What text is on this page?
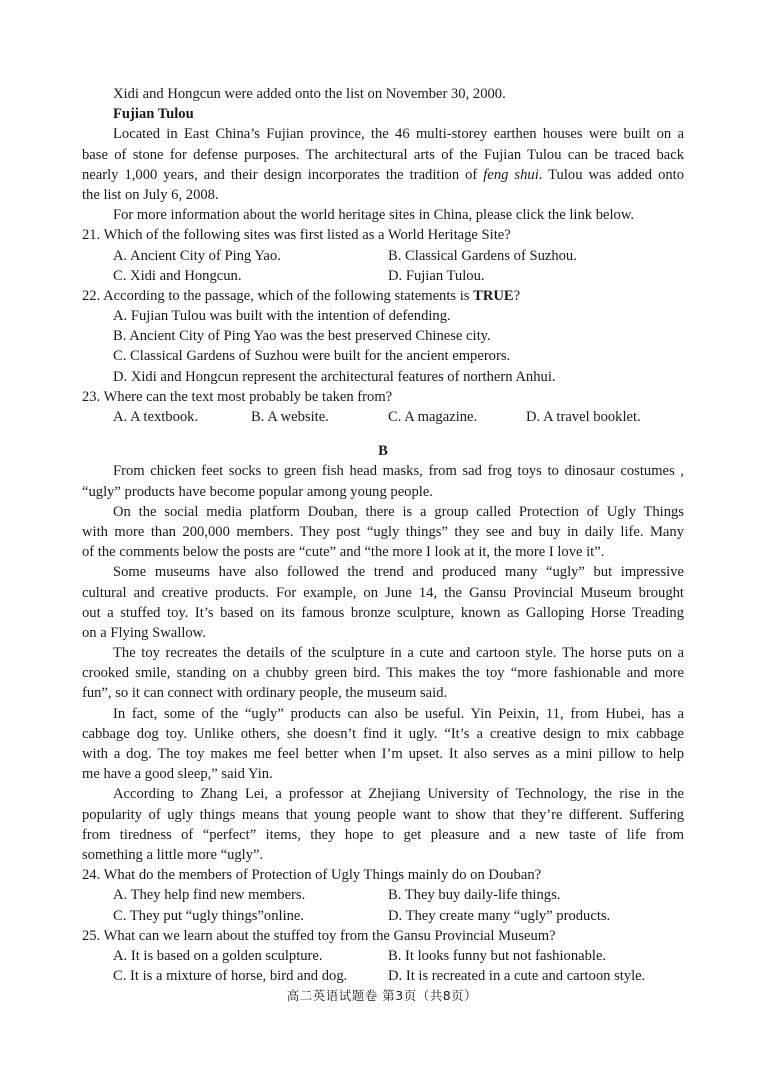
Xidi and Hongcun were added onto the list on November 30, 2000.
Fujian Tulou
Located in East China’s Fujian province, the 46 multi-storey earthen houses were built on a
base of stone for defense purposes. The architectural arts of the Fujian Tulou can be traced back
nearly 1,000 years, and their design incorporates the tradition of feng shui. Tulou was added onto
the list on July 6, 2008.
For more information about the world heritage sites in China, please click the link below.
21. Which of the following sites was first listed as a World Heritage Site?
A. Ancient City of Ping Yao.	B. Classical Gardens of Suzhou.
C. Xidi and Hongcun.	D. Fujian Tulou.
22. According to the passage, which of the following statements is TRUE?
A. Fujian Tulou was built with the intention of defending.
B. Ancient City of Ping Yao was the best preserved Chinese city.
C. Classical Gardens of Suzhou were built for the ancient emperors.
D. Xidi and Hongcun represent the architectural features of northern Anhui.
23. Where can the text most probably be taken from?
A. A textbook.	B. A website.	C. A magazine.	D. A travel booklet.
B
From chicken feet socks to green fish head masks, from sad frog toys to dinosaur costumes ,
“ugly” products have become popular among young people.
On the social media platform Douban, there is a group called Protection of Ugly Things
with more than 200,000 members. They post “ugly things” they see and buy in daily life. Many
of the comments below the posts are “cute” and “the more I look at it, the more I love it”.
Some museums have also followed the trend and produced many “ugly” but impressive
cultural and creative products. For example, on June 14, the Gansu Provincial Museum brought
out a stuffed toy. It’s based on its famous bronze sculpture, known as Galloping Horse Treading
on a Flying Swallow.
The toy recreates the details of the sculpture in a cute and cartoon style. The horse puts on a
crooked smile, standing on a chubby green bird. This makes the toy “more fashionable and more
fun”, so it can connect with ordinary people, the museum said.
In fact, some of the “ugly” products can also be useful. Yin Peixin, 11, from Hubei, has a
cabbage dog toy. Unlike others, she doesn’t find it ugly. “It’s a creative design to mix cabbage
with a dog. The toy makes me feel better when I’m upset. It also serves as a mini pillow to help
me have a good sleep,” said Yin.
According to Zhang Lei, a professor at Zhejiang University of Technology, the rise in the
popularity of ugly things means that young people want to show that they’re different. Suffering
from tiredness of “perfect” items, they hope to get pleasure and a new taste of life from
something a little more “ugly”.
24. What do the members of Protection of Ugly Things mainly do on Douban?
A. They help find new members.	B. They buy daily-life things.
C. They put “ugly things”online.	D. They create many “ugly” products.
25. What can we learn about the stuffed toy from the Gansu Provincial Museum?
A. It is based on a golden sculpture.	B. It looks funny but not fashionable.
C. It is a mixture of horse, bird and dog.	D. It is recreated in a cute and cartoon style.
高二英语试题卷 第3页（共8页）
